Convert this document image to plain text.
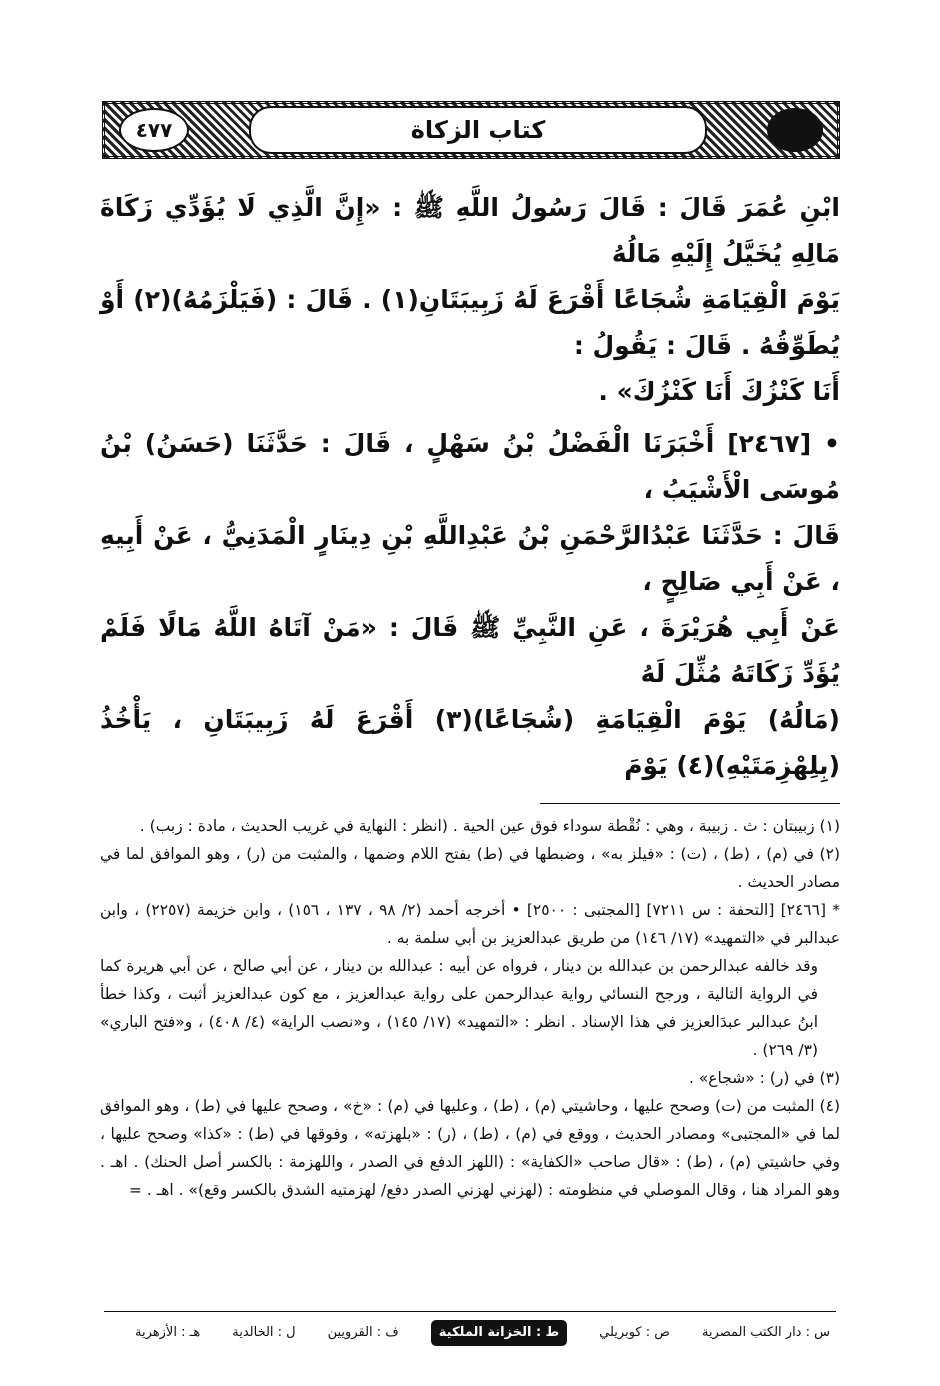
كتاب الزكاة
٤٧٧

ابْنِ عُمَرَ قَالَ : قَالَ رَسُولُ اللَّهِ ﷺ : «إِنَّ الَّذِي لَا يُؤَدِّي زَكَاةَ مَالِهِ يُخَيَّلُ إِلَيْهِ مَالُهُ

يَوْمَ الْقِيَامَةِ شُجَاعًا أَقْرَعَ لَهُ زَبِيبَتَانِ(١) . قَالَ : (فَيَلْزَمُهُ)(٢) أَوْ يُطَوِّقُهُ . قَالَ : يَقُولُ :

أَنَا كَنْزُكَ أَنَا كَنْزُكَ» .

• [٢٤٦٧] أَخْبَرَنَا الْفَضْلُ بْنُ سَهْلٍ ، قَالَ : حَدَّثَنَا (حَسَنُ) بْنُ مُوسَى الْأَشْيَبُ ،

قَالَ : حَدَّثَنَا عَبْدُالرَّحْمَنِ بْنُ عَبْدِاللَّهِ بْنِ دِينَارٍ الْمَدَنِيُّ ، عَنْ أَبِيهِ ، عَنْ أَبِي صَالِحٍ ،

عَنْ أَبِي هُرَيْرَةَ ، عَنِ النَّبِيِّ ﷺ قَالَ : «مَنْ آتَاهُ اللَّهُ مَالًا فَلَمْ يُؤَدِّ زَكَاتَهُ مُثِّلَ لَهُ

(مَالُهُ) يَوْمَ الْقِيَامَةِ (شُجَاعًا)(٣) أَقْرَعَ لَهُ زَبِيبَتَانِ ، يَأْخُذُ (بِلِهْزِمَتَيْهِ)(٤) يَوْمَ

(١) زبيبتان : ث . زبيبة ، وهي : نُقْطة سوداء فوق عين الحية . (انظر : النهاية في غريب الحديث ، مادة : زبب) .

(٢) في (م) ، (ط) ، (ت) : «فيلز به» ، وضبطها في (ط) بفتح اللام وضمها ، والمثبت من (ر) ، وهو الموافق لما في مصادر الحديث .

* [٢٤٦٦] [التحفة : س ٧٢١١] [المجتبى : ٢٥٠٠] • أخرجه أحمد (٢/ ٩٨ ، ١٣٧ ، ١٥٦) ، وابن خزيمة (٢٢٥٧) ، وابن عبدالبر في «التمهيد» (١٧/ ١٤٦) من طريق عبدالعزيز بن أبي سلمة به .

وقد خالفه عبدالرحمن بن عبدالله بن دينار ، فرواه عن أبيه : عبدالله بن دينار ، عن أبي صالح ، عن أبي هريرة كما في الرواية التالية ، ورجح النسائي رواية عبدالرحمن على رواية عبدالعزيز ، مع كون عبدالعزيز أثبت ، وكذا خطأ ابنُ عبدالبر عبدَالعزيز في هذا الإسناد . انظر : «التمهيد» (١٧/ ١٤٥) ، و«نصب الراية» (٤/ ٤٠٨) ، و«فتح الباري» (٣/ ٢٦٩) .

(٣) في (ر) : «شجاع» .

(٤) المثبت من (ت) وصحح عليها ، وحاشيتي (م) ، (ط) ، وعليها في (م) : «خ» ، وصحح عليها في (ط) ، وهو الموافق لما في «المجتبى» ومصادر الحديث ، ووقع في (م) ، (ط) ، (ر) : «بلهزته» ، وفوقها في (ط) : «كذا» وصحح عليها ، وفي حاشيتي (م) ، (ط) : «قال صاحب «الكفاية» : (اللهز الدفع في الصدر ، واللهزمة : بالكسر أصل الحنك) . اهـ . وهو المراد هنا ، وقال الموصلي في منظومته : (لهزني لهزني الصدر دفع/ لهزمتيه الشدق بالكسر وقع)» . اهـ . =

س : دار الكتب المصرية
ص : كوبريلي
ط : الخزانة الملكية
ف : القرويين
ل : الخالدية
هـ : الأزهرية
